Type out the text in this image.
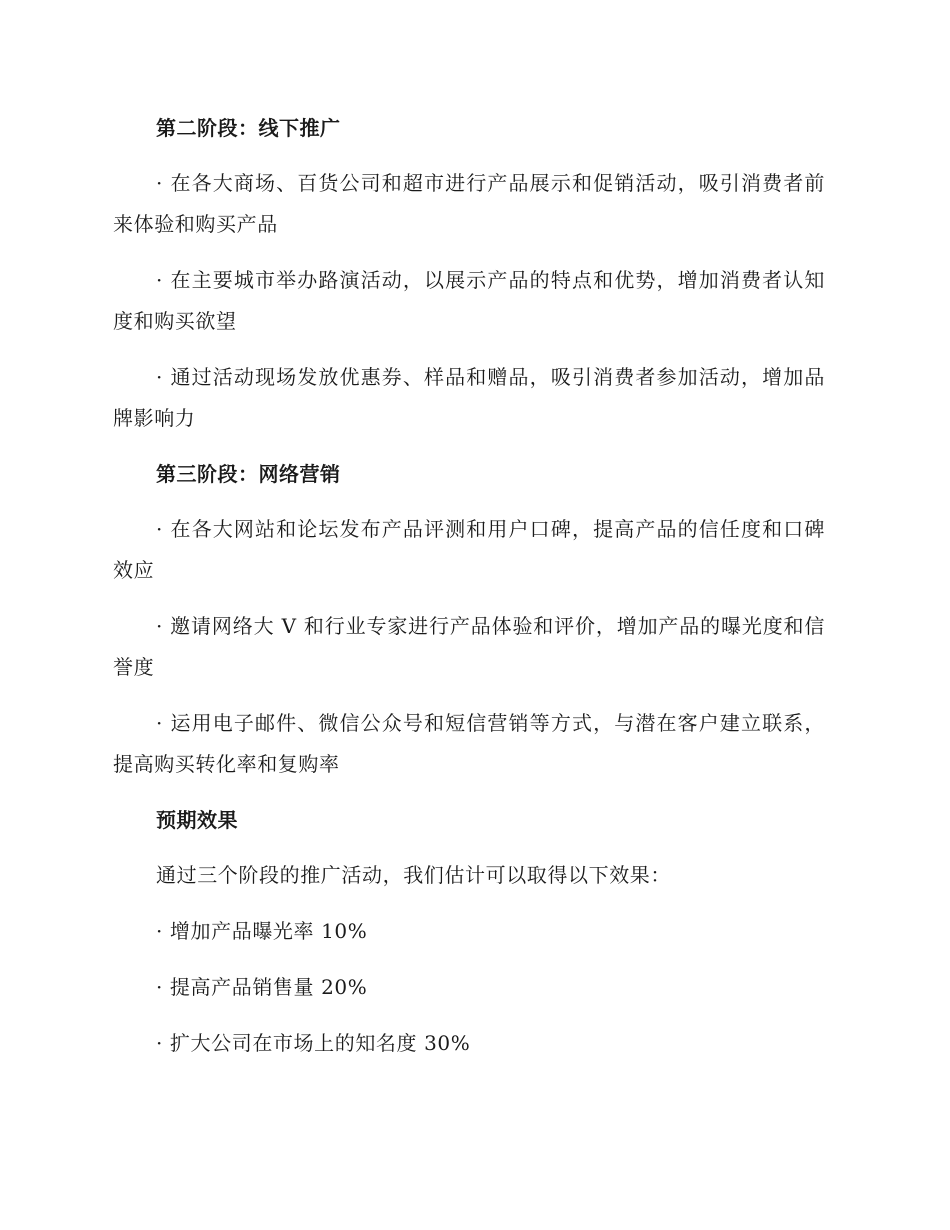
第二阶段：线下推广

· 在各大商场、百货公司和超市进行产品展示和促销活动，吸引消费者前来体验和购买产品

· 在主要城市举办路演活动，以展示产品的特点和优势，增加消费者认知度和购买欲望

· 通过活动现场发放优惠券、样品和赠品，吸引消费者参加活动，增加品牌影响力

第三阶段：网络营销

· 在各大网站和论坛发布产品评测和用户口碑，提高产品的信任度和口碑效应

· 邀请网络大 V 和行业专家进行产品体验和评价，增加产品的曝光度和信誉度

· 运用电子邮件、微信公众号和短信营销等方式，与潜在客户建立联系，提高购买转化率和复购率

预期效果

通过三个阶段的推广活动，我们估计可以取得以下效果：

· 增加产品曝光率 10%

· 提高产品销售量 20%

· 扩大公司在市场上的知名度 30%
